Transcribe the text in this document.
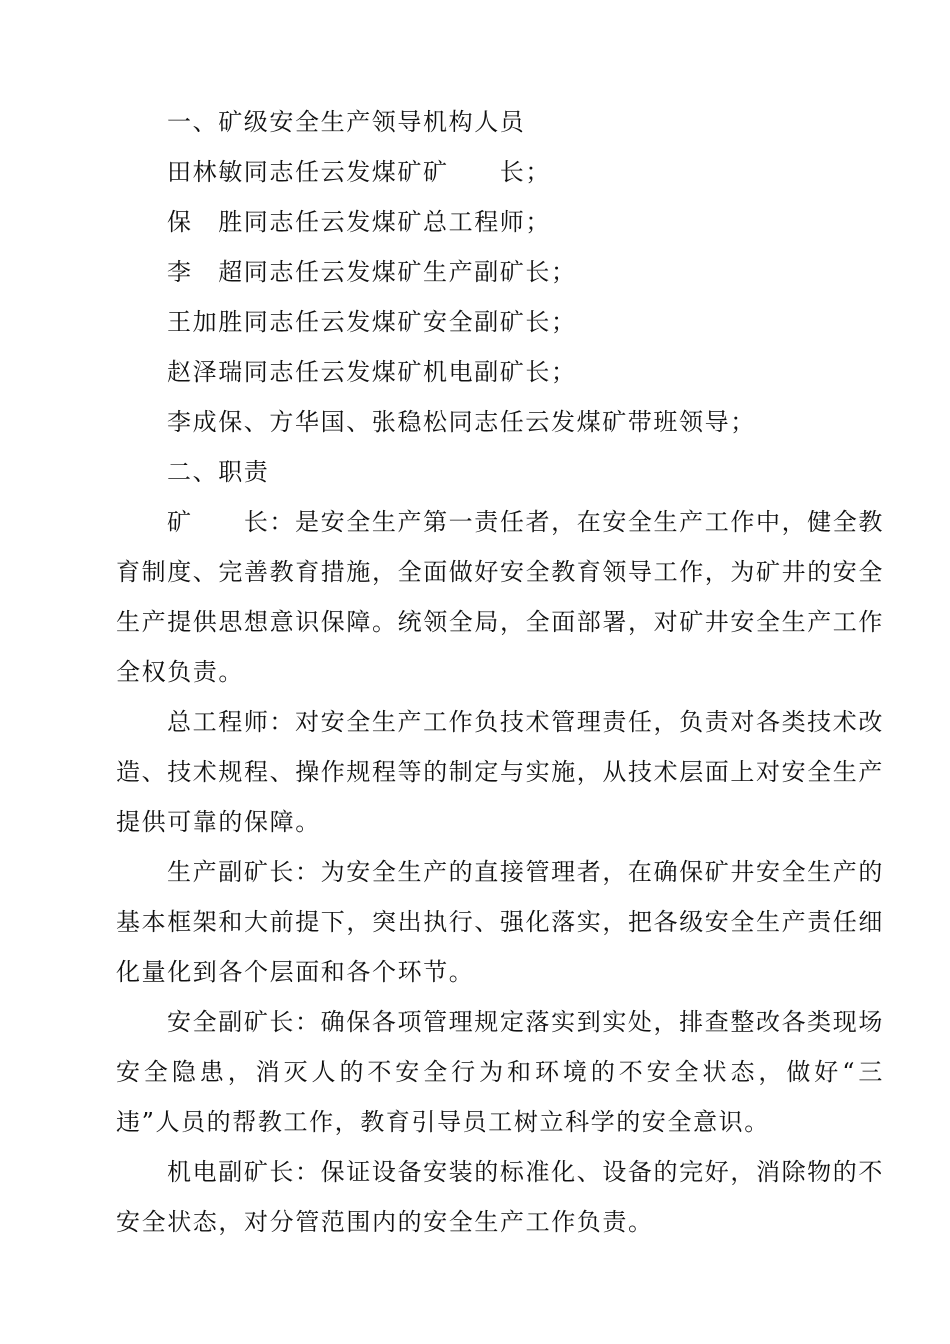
一、矿级安全生产领导机构人员

田林敏同志任云发煤矿矿　　长；

保　胜同志任云发煤矿总工程师；

李　超同志任云发煤矿生产副矿长；

王加胜同志任云发煤矿安全副矿长；

赵泽瑞同志任云发煤矿机电副矿长；

李成保、方华国、张稳松同志任云发煤矿带班领导；

二、职责

矿　　长：是安全生产第一责任者，在安全生产工作中，健全教育制度、完善教育措施，全面做好安全教育领导工作，为矿井的安全生产提供思想意识保障。统领全局，全面部署，对矿井安全生产工作全权负责。

总工程师：对安全生产工作负技术管理责任，负责对各类技术改造、技术规程、操作规程等的制定与实施，从技术层面上对安全生产提供可靠的保障。

生产副矿长：为安全生产的直接管理者，在确保矿井安全生产的基本框架和大前提下，突出执行、强化落实，把各级安全生产责任细化量化到各个层面和各个环节。

安全副矿长：确保各项管理规定落实到实处，排查整改各类现场安全隐患，消灭人的不安全行为和环境的不安全状态，做好“三违”人员的帮教工作，教育引导员工树立科学的安全意识。

机电副矿长：保证设备安装的标准化、设备的完好，消除物的不安全状态，对分管范围内的安全生产工作负责。
